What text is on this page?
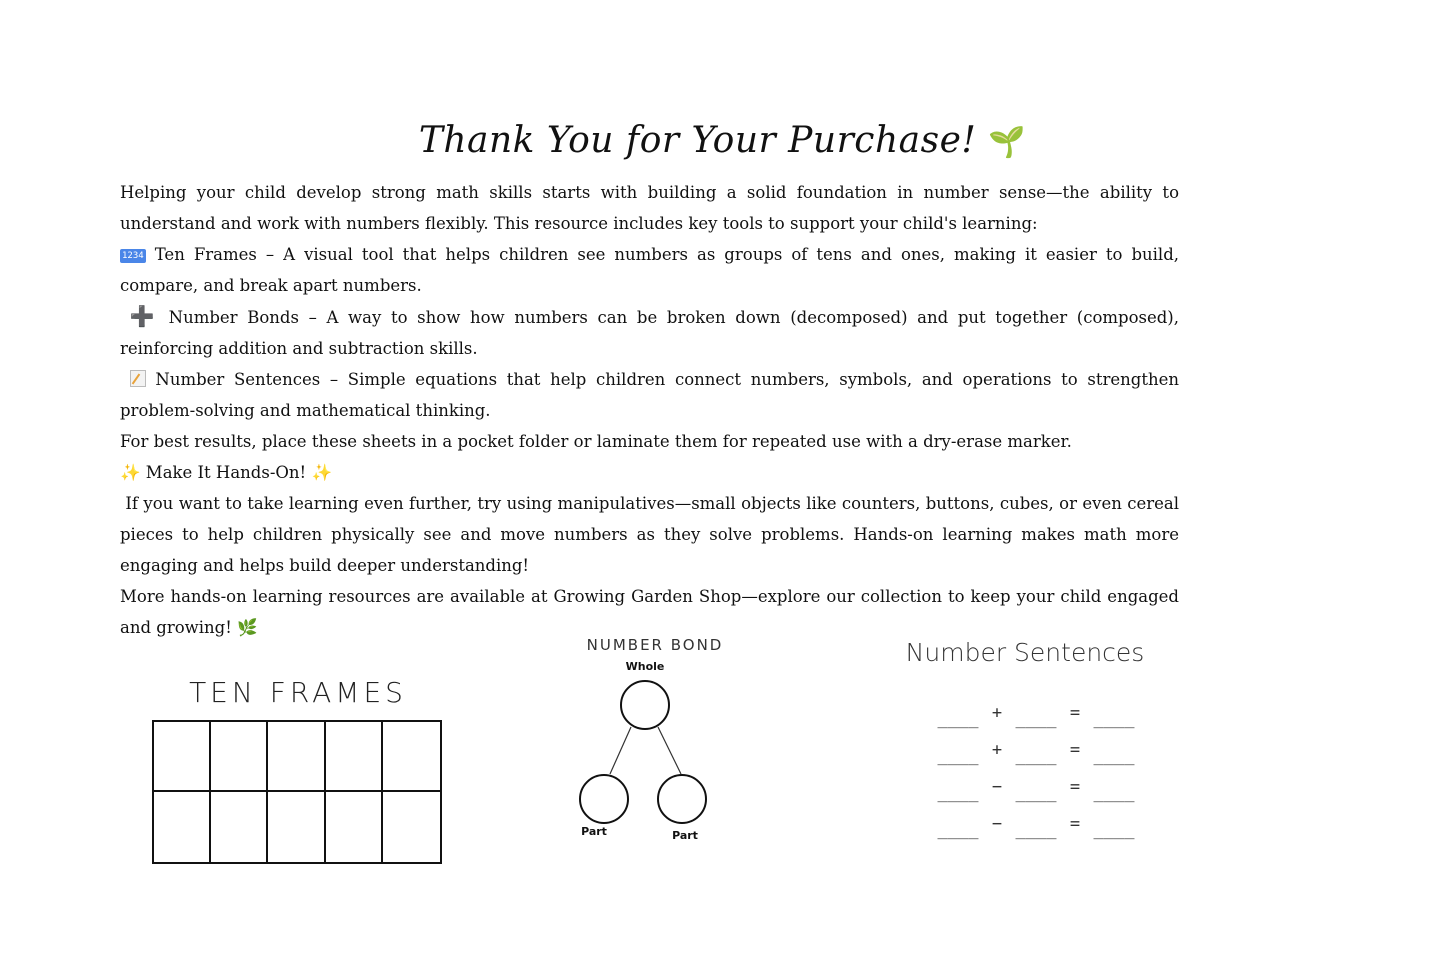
Thank You for Your Purchase! 🌱

Helping your child develop strong math skills starts with building a solid foundation in number sense—the ability to understand and work with numbers flexibly. This resource includes key tools to support your child's learning:

1234 Ten Frames – A visual tool that helps children see numbers as groups of tens and ones, making it easier to build, compare, and break apart numbers.

➕ Number Bonds – A way to show how numbers can be broken down (decomposed) and put together (composed), reinforcing addition and subtraction skills.

Number Sentences – Simple equations that help children connect numbers, symbols, and operations to strengthen problem-solving and mathematical thinking.

For best results, place these sheets in a pocket folder or laminate them for repeated use with a dry-erase marker.

✨ Make It Hands-On! ✨

If you want to take learning even further, try using manipulatives—small objects like counters, buttons, cubes, or even cereal pieces to help children physically see and move numbers as they solve problems. Hands-on learning makes math more engaging and helps build deeper understanding!

More hands-on learning resources are available at Growing Garden Shop—explore our collection to keep your child engaged and growing! 🌿

TEN FRAMES
NUMBER BOND
Whole
Part	Part
Number Sentences
____ + ____ = ____
____ + ____ = ____
____ − ____ = ____
____ − ____ = ____
